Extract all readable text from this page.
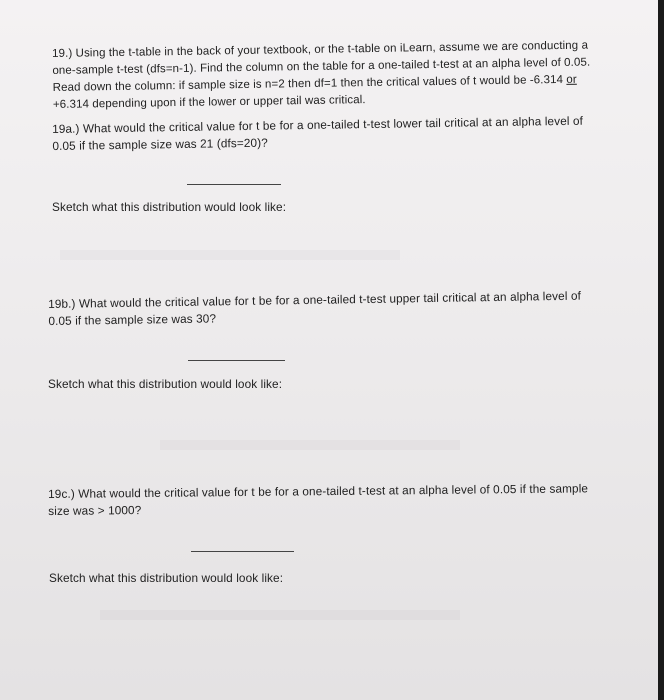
19.) Using the t-table in the back of your textbook, or the t-table on iLearn, assume we are conducting a
one-sample t-test (dfs=n-1). Find the column on the table for a one-tailed t-test at an alpha level of 0.05.
Read down the column: if sample size is n=2 then df=1 then the critical values of t would be -6.314 or
+6.314 depending upon if the lower or upper tail was critical.
19a.) What would the critical value for t be for a one-tailed t-test lower tail critical at an alpha level of
0.05 if the sample size was 21 (dfs=20)?
Sketch what this distribution would look like:
19b.) What would the critical value for t be for a one-tailed t-test upper tail critical at an alpha level of
0.05 if the sample size was 30?
Sketch what this distribution would look like:
19c.) What would the critical value for t be for a one-tailed t-test at an alpha level of 0.05 if the sample
size was > 1000?
Sketch what this distribution would look like:
